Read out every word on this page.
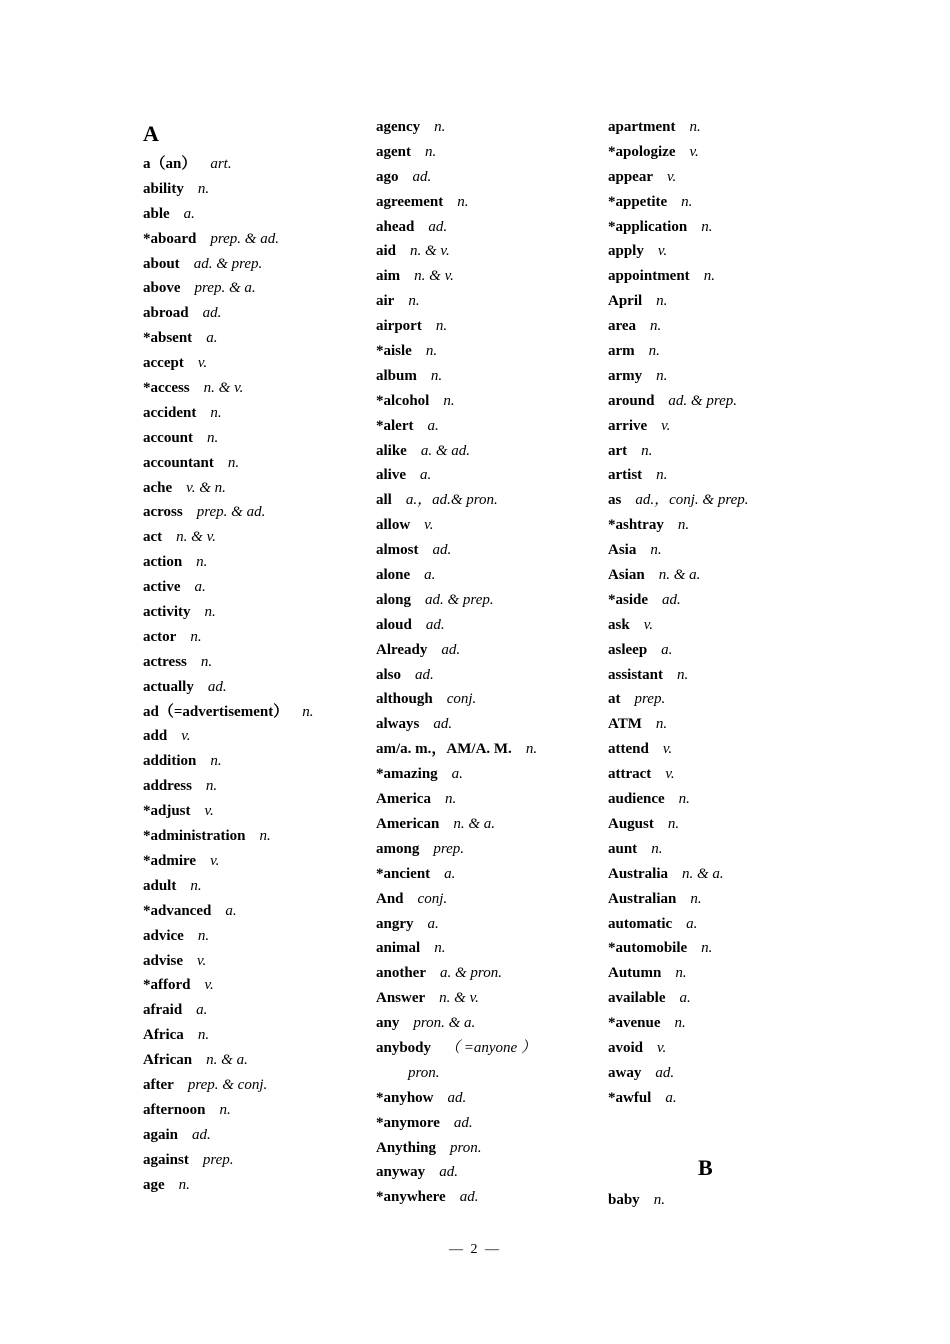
A
a（an） art.
ability n.
able a.
*aboard prep. & ad.
about ad. & prep.
above prep. & a.
abroad ad.
*absent a.
accept v.
*access n. & v.
accident n.
account n.
accountant n.
ache v. & n.
across prep. & ad.
act n. & v.
action n.
active a.
activity n.
actor n.
actress n.
actually ad.
ad（=advertisement） n.
add v.
addition n.
address n.
*adjust v.
*administration n.
*admire v.
adult n.
*advanced a.
advice n.
advise v.
*afford v.
afraid a.
Africa n.
African n. & a.
after prep. & conj.
afternoon n.
again ad.
against prep.
age n.
agency n.
agent n.
ago ad.
agreement n.
ahead ad.
aid n. & v.
aim n. & v.
air n.
airport n.
*aisle n.
album n.
*alcohol n.
*alert a.
alike a. & ad.
alive a.
all a.，ad.& pron.
allow v.
almost ad.
alone a.
along ad. & prep.
aloud ad.
Already ad.
also ad.
although conj.
always ad.
am/a. m.，AM/A. M. n.
*amazing a.
America n.
American n. & a.
among prep.
*ancient a.
And conj.
angry a.
animal n.
another a. & pron.
Answer n. & v.
any pron. & a.
anybody （ =anyone ）
pron.
*anyhow ad.
*anymore ad.
Anything pron.
anyway ad.
*anywhere ad.
apartment n.
*apologize v.
appear v.
*appetite n.
*application n.
apply v.
appointment n.
April n.
area n.
arm n.
army n.
around ad. & prep.
arrive v.
art n.
artist n.
as ad.，conj. & prep.
*ashtray n.
Asia n.
Asian n. & a.
*aside ad.
ask v.
asleep a.
assistant n.
at prep.
ATM n.
attend v.
attract v.
audience n.
August n.
aunt n.
Australia n. & a.
Australian n.
automatic a.
*automobile n.
Autumn n.
available a.
*avenue n.
avoid v.
away ad.
*awful a.
B
baby n.
— 2 —
